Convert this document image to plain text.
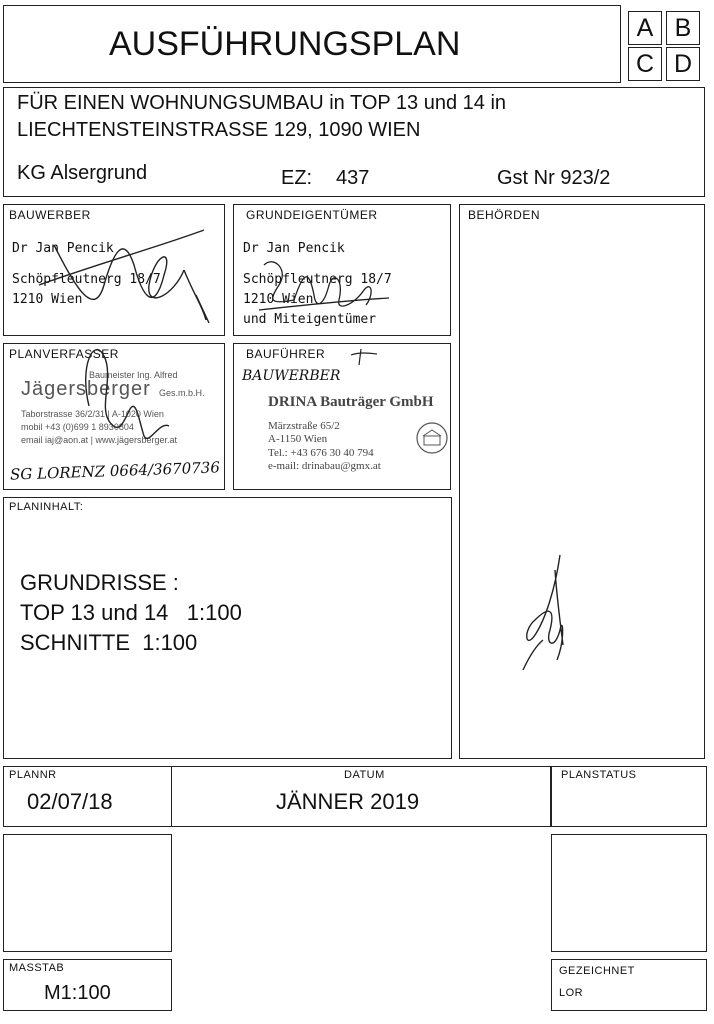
AUSFÜHRUNGSPLAN	A B
C D
FÜR EINEN WOHNUNGSUMBAU in TOP 13 und 14 in
LIECHTENSTEINSTRASSE 129, 1090 WIEN
KG Alsergrund	EZ: 437	Gst Nr 923/2
BAUWERBER
Dr Jan Pencik
Schöpfleutnerg 18/7
1210 Wien
GRUNDEIGENTÜMER
Dr Jan Pencik
Schöpfleutnerg 18/7
1210 Wien
und Miteigentümer
BEHÖRDEN
PLANVERFASSER
Baumeister Ing. Alfred
Jägersberger Ges.m.b.H.
Taborstrasse 36/2/31 | A-1020 Wien
mobil +43 (0)699 1 8930804
email iaj@aon.at | www.jägersberger.at
SG LORENZ 0664/3670736
BAUFÜHRER
BAUWERBER
DRINA Bauträger GmbH
Märzstraße 65/2
A-1150 Wien
Tel.: +43 676 30 40 794
e-mail: drinabau@gmx.at
PLANINHALT:
GRUNDRISSE :
TOP 13 und 14   1:100
SCHNITTE  1:100
PLANNR
02/07/18
DATUM
JÄNNER 2019
PLANSTATUS
MASSTAB
M1:100
GEZEICHNET
LOR
